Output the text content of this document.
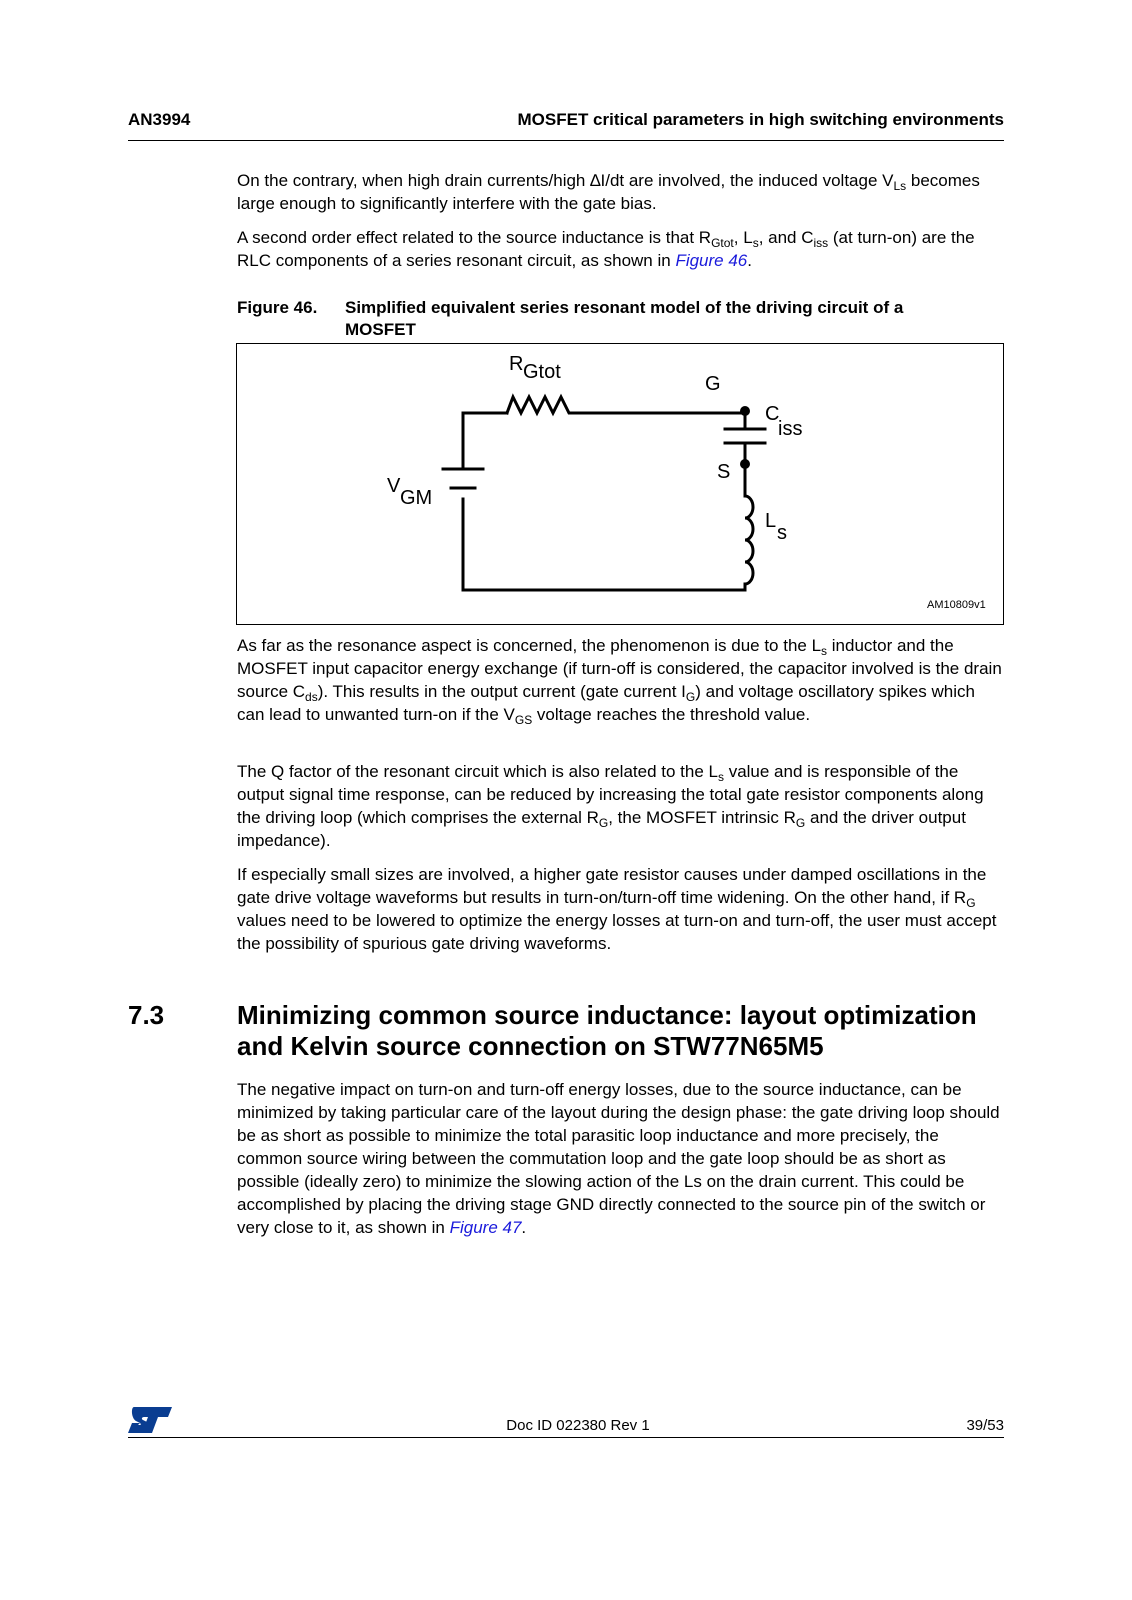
AN3994	MOSFET critical parameters in high switching environments

On the contrary, when high drain currents/high ∆I/dt are involved, the induced voltage $V_{Ls}$ becomes large enough to significantly interfere with the gate bias.

A second order effect related to the source inductance is that $R_{Gtot}$, $L_s$, and $C_{iss}$ (at turn-on) are the RLC components of a series resonant circuit, as shown in Figure 46.

Figure 46. Simplified equivalent series resonant model of the driving circuit of a
MOSFET
R Gtot
G
C
iss
S
V
GM
L
s
AM10809v1

As far as the resonance aspect is concerned, the phenomenon is due to the $L_s$ inductor and the MOSFET input capacitor energy exchange (if turn-off is considered, the capacitor involved is the drain source $C_{ds}$). This results in the output current (gate current $I_G$) and voltage oscillatory spikes which can lead to unwanted turn-on if the $V_{GS}$ voltage reaches the threshold value.

The Q factor of the resonant circuit which is also related to the $L_s$ value and is responsible of the output signal time response, can be reduced by increasing the total gate resistor components along the driving loop (which comprises the external $R_G$, the MOSFET intrinsic $R_G$ and the driver output impedance).

If especially small sizes are involved, a higher gate resistor causes under damped oscillations in the gate drive voltage waveforms but results in turn-on/turn-off time widening. On the other hand, if $R_G$ values need to be lowered to optimize the energy losses at turn-on and turn-off, the user must accept the possibility of spurious gate driving waveforms.

7.3	Minimizing common source inductance: layout optimization and Kelvin source connection on STW77N65M5

The negative impact on turn-on and turn-off energy losses, due to the source inductance, can be minimized by taking particular care of the layout during the design phase: the gate driving loop should be as short as possible to minimize the total parasitic loop inductance and more precisely, the common source wiring between the commutation loop and the gate loop should be as short as possible (ideally zero) to minimize the slowing action of the Ls on the drain current. This could be accomplished by placing the driving stage GND directly connected to the source pin of the switch or very close to it, as shown in Figure 47.

Doc ID 022380 Rev 1	39/53
